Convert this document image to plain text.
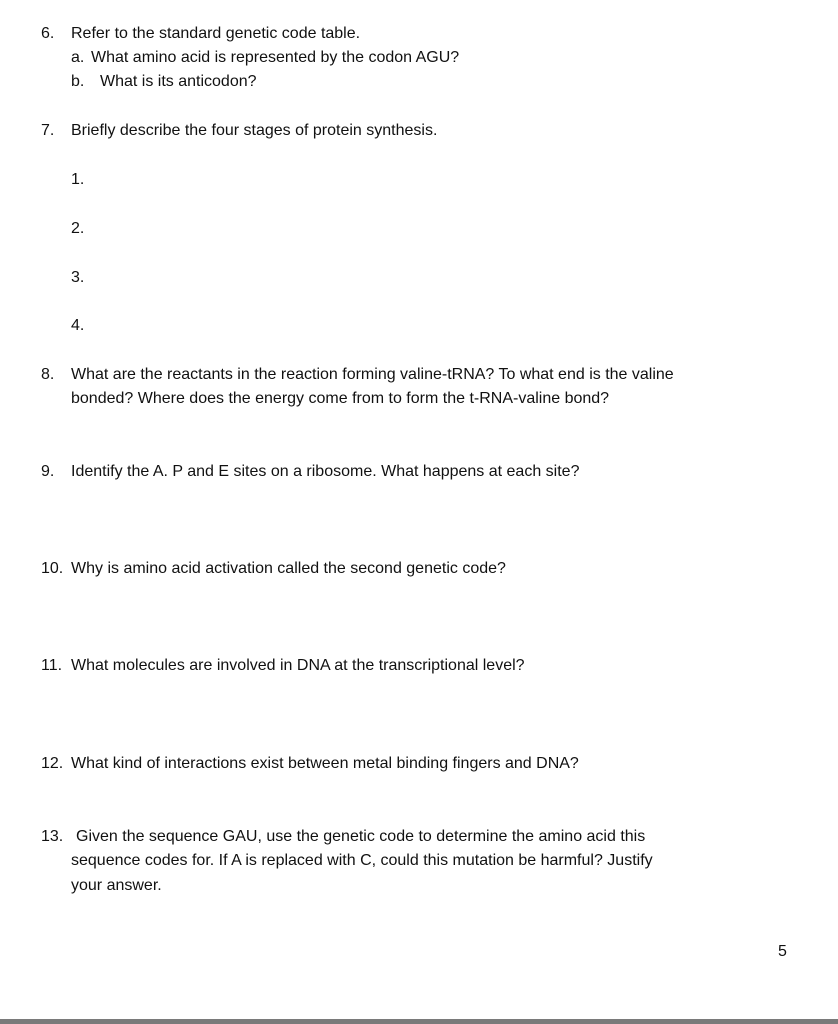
6. Refer to the standard genetic code table.
a. What amino acid is represented by the codon AGU?
b. What is its anticodon?
7. Briefly describe the four stages of protein synthesis.
1.
2.
3.
4.
8. What are the reactants in the reaction forming valine-tRNA? To what end is the valine
bonded? Where does the energy come from to form the t-RNA-valine bond?
9. Identify the A. P and E sites on a ribosome. What happens at each site?
10. Why is amino acid activation called the second genetic code?
11. What molecules are involved in DNA at the transcriptional level?
12. What kind of interactions exist between metal binding fingers and DNA?
13. Given the sequence GAU, use the genetic code to determine the amino acid this
sequence codes for. If A is replaced with C, could this mutation be harmful? Justify
your answer.
5
